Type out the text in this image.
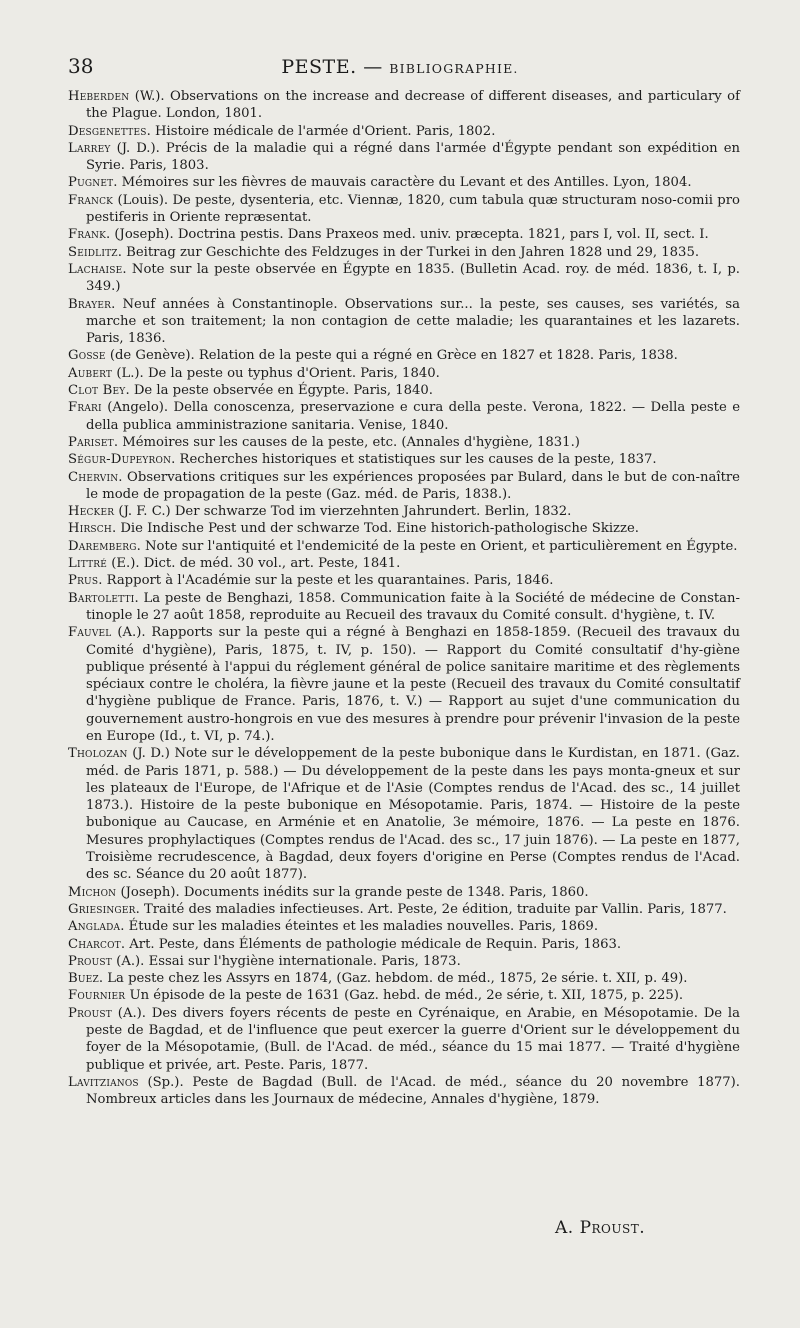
38	PESTE. — BIBLIOGRAPHIE.

Heberden (W.). Observations on the increase and decrease of different diseases, and particulary of the Plague. London, 1801.

Desgenettes. Histoire médicale de l'armée d'Orient. Paris, 1802.

Larrey (J. D.). Précis de la maladie qui a régné dans l'armée d'Égypte pendant son expédition en Syrie. Paris, 1803.

Pugnet. Mémoires sur les fièvres de mauvais caractère du Levant et des Antilles. Lyon, 1804.

Franck (Louis). De peste, dysenteria, etc. Viennæ, 1820, cum tabula quæ structuram noso-comii pro pestiferis in Oriente repræsentat.

Frank. (Joseph). Doctrina pestis. Dans Praxeos med. univ. præcepta. 1821, pars I, vol. II, sect. I.

Seidlitz. Beitrag zur Geschichte des Feldzuges in der Turkei in den Jahren 1828 und 29, 1835.

Lachaise. Note sur la peste observée en Égypte en 1835. (Bulletin Acad. roy. de méd. 1836, t. I, p. 349.)

Brayer. Neuf années à Constantinople. Observations sur... la peste, ses causes, ses variétés, sa marche et son traitement; la non contagion de cette maladie; les quarantaines et les lazarets. Paris, 1836.

Gosse (de Genève). Relation de la peste qui a régné en Grèce en 1827 et 1828. Paris, 1838.

Aubert (L.). De la peste ou typhus d'Orient. Paris, 1840.

Clot Bey. De la peste observée en Égypte. Paris, 1840.

Frari (Angelo). Della conoscenza, preservazione e cura della peste. Verona, 1822. — Della peste e della publica amministrazione sanitaria. Venise, 1840.

Pariset. Mémoires sur les causes de la peste, etc. (Annales d'hygiène, 1831.)

Ségur-Dupeyron. Recherches historiques et statistiques sur les causes de la peste, 1837.

Chervin. Observations critiques sur les expériences proposées par Bulard, dans le but de con-naître le mode de propagation de la peste (Gaz. méd. de Paris, 1838.).

Hecker (J. F. C.) Der schwarze Tod im vierzehnten Jahrundert. Berlin, 1832.

Hirsch. Die Indische Pest und der schwarze Tod. Eine historich-pathologische Skizze.

Daremberg. Note sur l'antiquité et l'endemicité de la peste en Orient, et particulièrement en Égypte.

Littré (E.). Dict. de méd. 30 vol., art. Peste, 1841.

Prus. Rapport à l'Académie sur la peste et les quarantaines. Paris, 1846.

Bartoletti. La peste de Benghazi, 1858. Communication faite à la Société de médecine de Constan-tinople le 27 août 1858, reproduite au Recueil des travaux du Comité consult. d'hygiène, t. IV.

Fauvel (A.). Rapports sur la peste qui a régné à Benghazi en 1858-1859. (Recueil des travaux du Comité d'hygiène), Paris, 1875, t. IV, p. 150). — Rapport du Comité consultatif d'hy-giène publique présenté à l'appui du réglement général de police sanitaire maritime et des règlements spéciaux contre le choléra, la fièvre jaune et la peste (Recueil des travaux du Comité consultatif d'hygiène publique de France. Paris, 1876, t. V.) — Rapport au sujet d'une communication du gouvernement austro-hongrois en vue des mesures à prendre pour prévenir l'invasion de la peste en Europe (Id., t. VI, p. 74.).

Tholozan (J. D.) Note sur le développement de la peste bubonique dans le Kurdistan, en 1871. (Gaz. méd. de Paris 1871, p. 588.) — Du développement de la peste dans les pays monta-gneux et sur les plateaux de l'Europe, de l'Afrique et de l'Asie (Comptes rendus de l'Acad. des sc., 14 juillet 1873.). Histoire de la peste bubonique en Mésopotamie. Paris, 1874. — Histoire de la peste bubonique au Caucase, en Arménie et en Anatolie, 3e mémoire, 1876. — La peste en 1876. Mesures prophylactiques (Comptes rendus de l'Acad. des sc., 17 juin 1876). — La peste en 1877, Troisième recrudescence, à Bagdad, deux foyers d'origine en Perse (Comptes rendus de l'Acad. des sc. Séance du 20 août 1877).

Michon (Joseph). Documents inédits sur la grande peste de 1348. Paris, 1860.

Griesinger. Traité des maladies infectieuses. Art. Peste, 2e édition, traduite par Vallin. Paris, 1877.

Anglada. Étude sur les maladies éteintes et les maladies nouvelles. Paris, 1869.

Charcot. Art. Peste, dans Éléments de pathologie médicale de Requin. Paris, 1863.

Proust (A.). Essai sur l'hygiène internationale. Paris, 1873.

Buez. La peste chez les Assyrs en 1874, (Gaz. hebdom. de méd., 1875, 2e série. t. XII, p. 49).

Fournier Un épisode de la peste de 1631 (Gaz. hebd. de méd., 2e série, t. XII, 1875, p. 225).

Proust (A.). Des divers foyers récents de peste en Cyrénaique, en Arabie, en Mésopotamie. De la peste de Bagdad, et de l'influence que peut exercer la guerre d'Orient sur le développement du foyer de la Mésopotamie, (Bull. de l'Acad. de méd., séance du 15 mai 1877. — Traité d'hygiène publique et privée, art. Peste. Paris, 1877.

Lavitzianos (Sp.). Peste de Bagdad (Bull. de l'Acad. de méd., séance du 20 novembre 1877). Nombreux articles dans les Journaux de médecine, Annales d'hygiène, 1879.

A. Proust.
